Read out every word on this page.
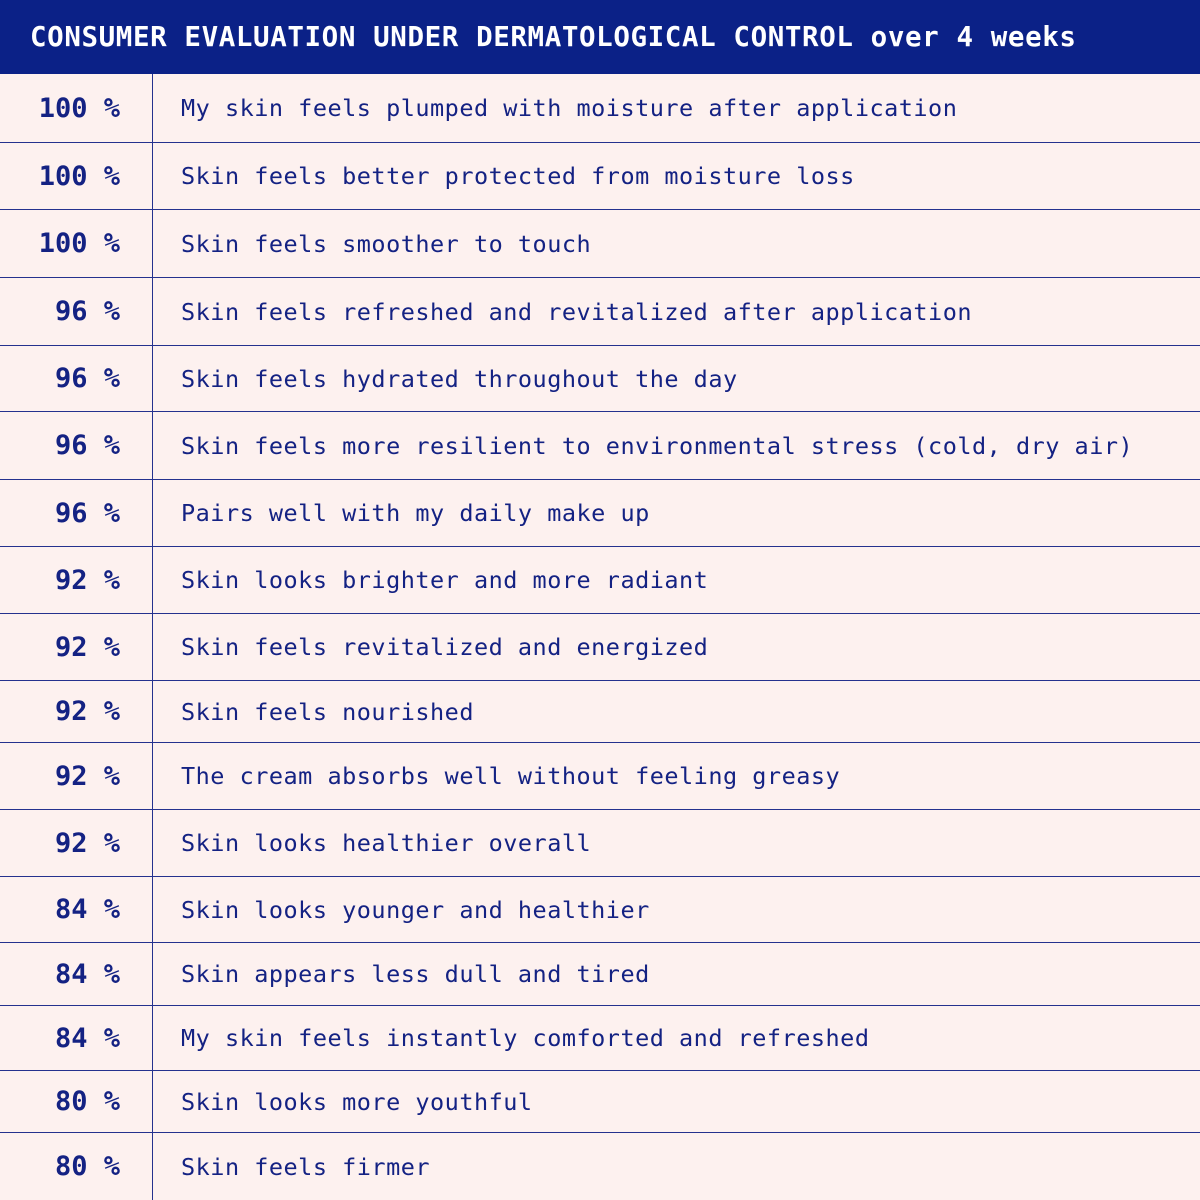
CONSUMER EVALUATION UNDER DERMATOLOGICAL CONTROL over 4 weeks
100 %	My skin feels plumped with moisture after application
100 %	Skin feels better protected from moisture loss
100 %	Skin feels smoother to touch
96 %	Skin feels refreshed and revitalized after application
96 %	Skin feels hydrated throughout the day
96 %	Skin feels more resilient to environmental stress (cold, dry air)
96 %	Pairs well with my daily make up
92 %	Skin looks brighter and more radiant
92 %	Skin feels revitalized and energized
92 %	Skin feels nourished
92 %	The cream absorbs well without feeling greasy
92 %	Skin looks healthier overall
84 %	Skin looks younger and healthier
84 %	Skin appears less dull and tired
84 %	My skin feels instantly comforted and refreshed
80 %	Skin looks more youthful
80 %	Skin feels firmer
